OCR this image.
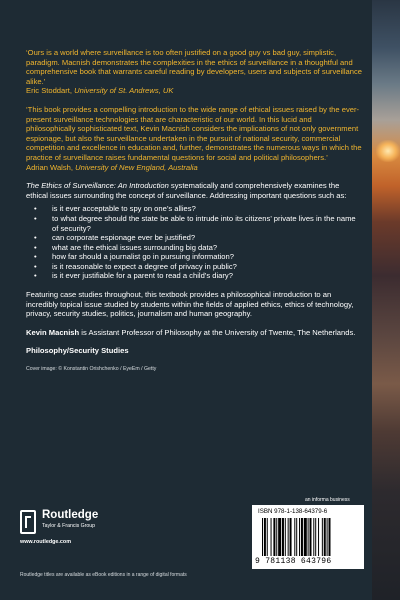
‘Ours is a world where surveillance is too often justified on a good guy vs bad guy, simplistic, paradigm. Macnish demonstrates the complexities in the ethics of surveillance in a thoughtful and comprehensive book that warrants careful reading by developers, users and subjects of surveillance alike.’
Eric Stoddart, University of St. Andrews, UK

‘This book provides a compelling introduction to the wide range of ethical issues raised by the ever-present surveillance technologies that are characteristic of our world. In this lucid and philosophically sophisticated text, Kevin Macnish considers the implications of not only government espionage, but also the surveillance undertaken in the pursuit of national security, commercial competition and excellence in education and, further, demonstrates the numerous ways in which the practice of surveillance raises fundamental questions for social and political philosophers.’
Adrian Walsh, University of New England, Australia

The Ethics of Surveillance: An Introduction systematically and comprehensively examines the ethical issues surrounding the concept of surveillance. Addressing important questions such as:

• is it ever acceptable to spy on one’s allies?
• to what degree should the state be able to intrude into its citizens’ private lives in the name of security?
• can corporate espionage ever be justified?
• what are the ethical issues surrounding big data?
• how far should a journalist go in pursuing information?
• is it reasonable to expect a degree of privacy in public?
• is it ever justifiable for a parent to read a child’s diary?

Featuring case studies throughout, this textbook provides a philosophical introduction to an incredibly topical issue studied by students within the fields of applied ethics, ethics of technology, privacy, security studies, politics, journalism and human geography.

Kevin Macnish is Assistant Professor of Philosophy at the University of Twente, The Netherlands.

Philosophy/Security Studies

Cover image: © Konstantin Orishchenko / EyeEm / Getty
an informa business
Routledge
Taylor & Francis Group
www.routledge.com
ISBN 978-1-138-64379-6
9 781138 643796
Routledge titles are available as eBook editions in a range of digital formats
